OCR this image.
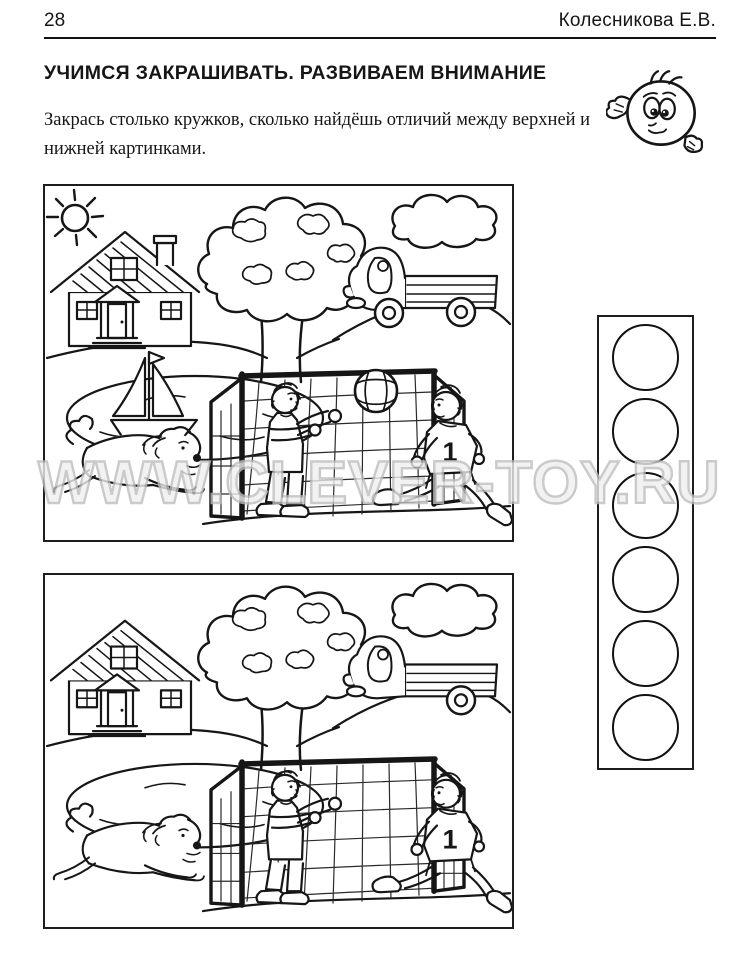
28	Колесникова Е.В.
УЧИМСЯ ЗАКРАШИВАТЬ. РАЗВИВАЕМ ВНИМАНИЕ
Закрась столько кружков, сколько найдёшь отличий между верхней и нижней картинками.
WWW.CLEVER-TOY.RU
